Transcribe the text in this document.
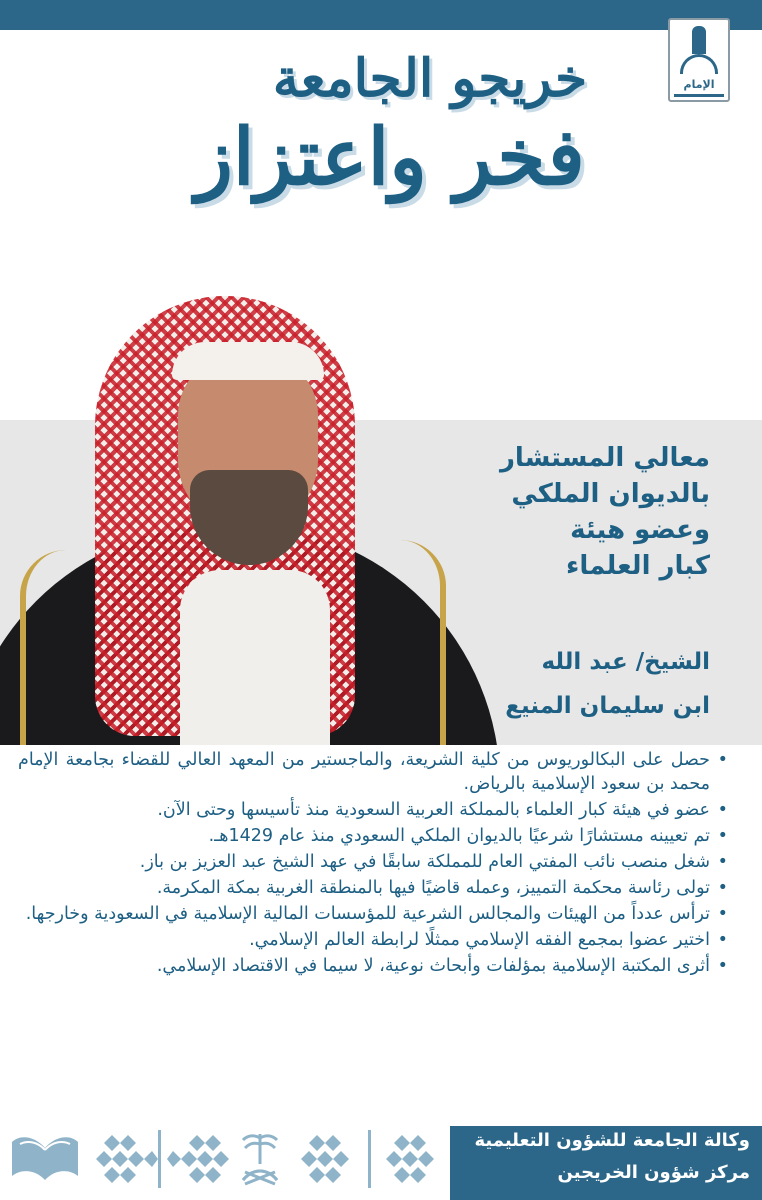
الإمام
خريجو الجامعة
فخر واعتزاز
معالي المستشار
بالديوان الملكي
وعضو هيئة
كبار العلماء
الشيخ/ عبد الله
ابن سليمان المنيع
• حصل على البكالوريوس من كلية الشريعة، والماجستير من المعهد العالي للقضاء بجامعة الإمام محمد بن سعود الإسلامية بالرياض.
• عضو في هيئة كبار العلماء بالمملكة العربية السعودية منذ تأسيسها وحتى الآن.
• تم تعيينه مستشارًا شرعيًا بالديوان الملكي السعودي منذ عام 1429هـ.
• شغل منصب نائب المفتي العام للمملكة سابقًا في عهد الشيخ عبد العزيز بن باز.
• تولى رئاسة محكمة التمييز، وعمله قاضيًا فيها بالمنطقة الغربية بمكة المكرمة.
• ترأس عدداً من الهيئات والمجالس الشرعية للمؤسسات المالية الإسلامية في السعودية وخارجها.
• اختير عضوا بمجمع الفقه الإسلامي ممثلًا لرابطة العالم الإسلامي.
• أثرى المكتبة الإسلامية بمؤلفات وأبحاث نوعية، لا سيما في الاقتصاد الإسلامي.
وكالة الجامعة للشؤون التعليمية
مركز شؤون الخريجين
